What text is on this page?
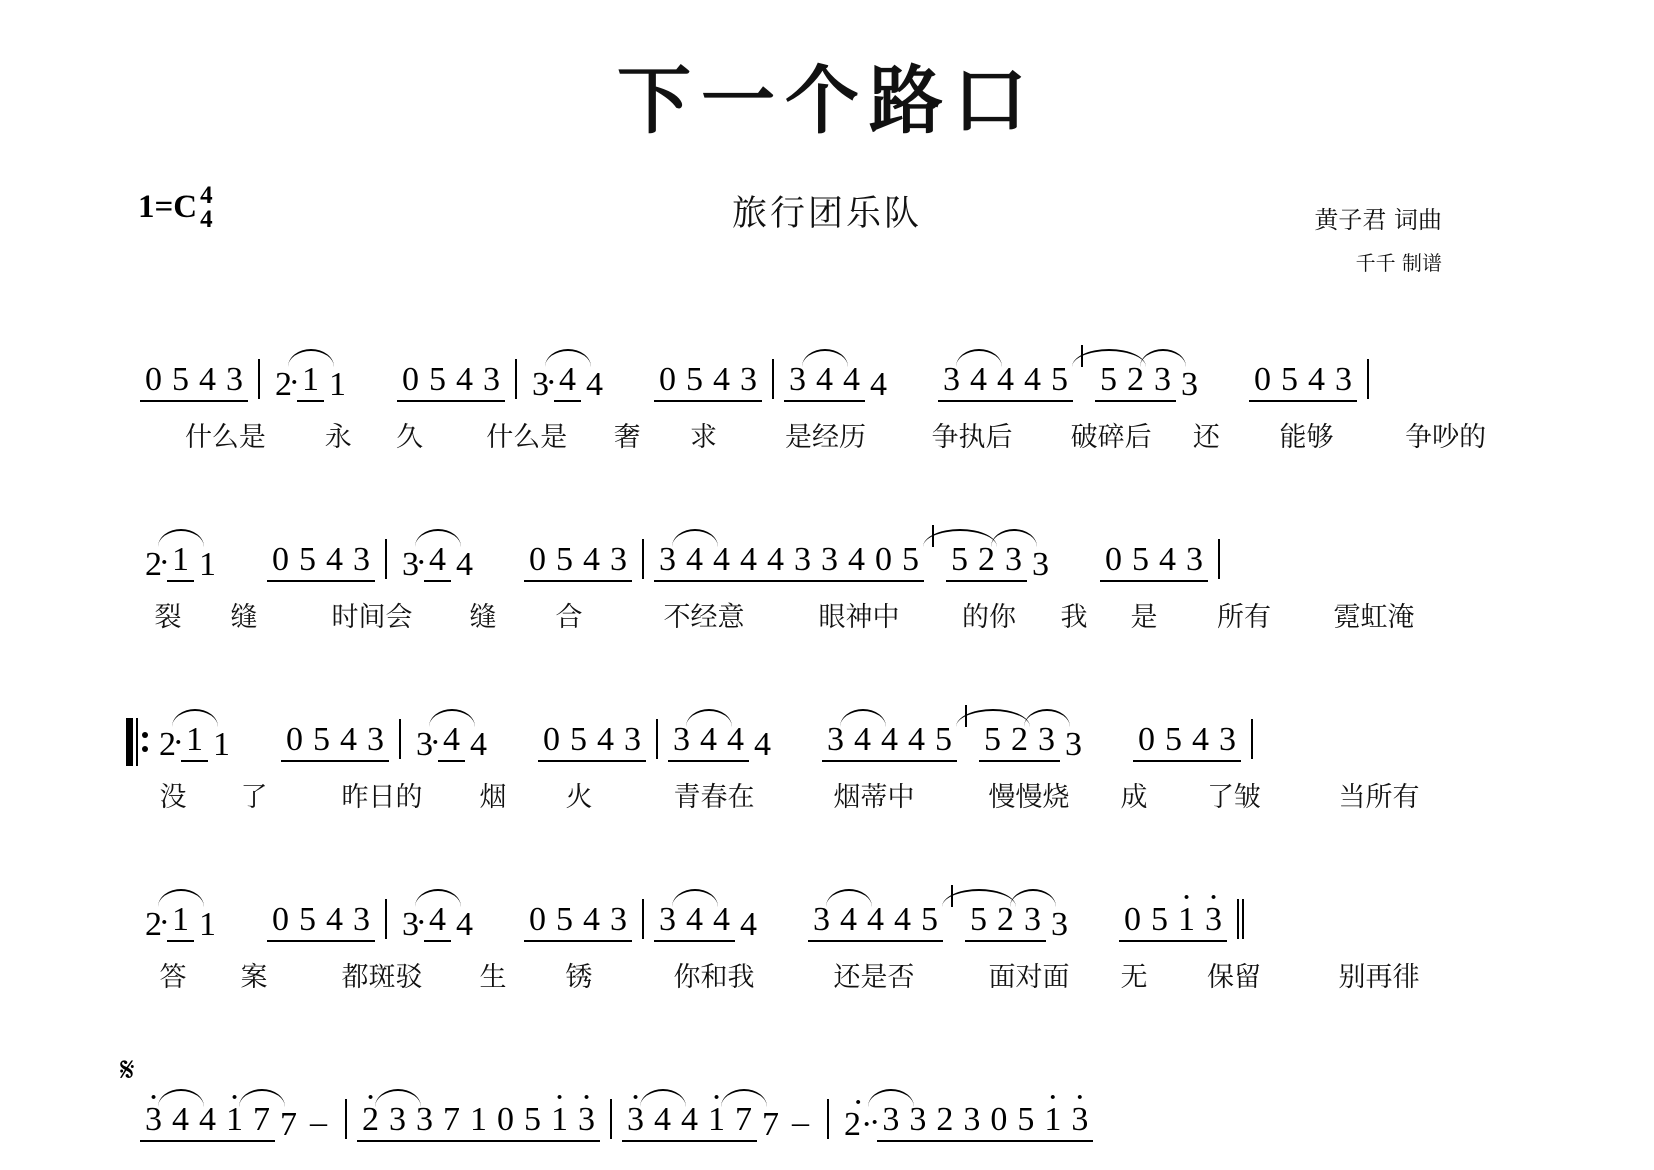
下一个路口
旅行团乐队
1=C 4
4	黄子君 词曲
千千 制谱
0 5 4 3 2 · 1 1 0 5 4 3 3 · 4 4 0 5 4 3 3 4 4 4 3 4 4 4 5 5 2 3 3 0 5 4 3
什么是	永	久	什么是	奢	求	是经历	争执后	破碎后	还	能够	争吵的
2 · 1 1 0 5 4 3 3 · 4 4 0 5 4 3 3 4 4 4 4 3 3 4 0 5 5 2 3 3 0 5 4 3
裂	缝	时间会	缝	合	不经意	眼神中	的你	我	是	所有	霓虹淹
2 · 1 1 0 5 4 3 3 · 4 4 0 5 4 3 3 4 4 4 3 4 4 4 5 5 2 3 3 0 5 4 3
没	了	昨日的	烟	火	青春在	烟蒂中	慢慢烧	成	了皱	当所有
2 · 1 1 0 5 4 3 3 · 4 4 0 5 4 3 3 4 4 4 3 4 4 4 5 5 2 3 3 0 5 · 1 · 3
答	案	都斑驳	生	锈	你和我	还是否	面对面	无	保留	别再徘
𝄋
· 3 4 4 · 1 7 7 – · 2 3 3 7 1 0 5 · 1 · 3 · 3 4 4 · 1 7 7 – · 2· · 3 3 2 3 0 5 · 1 · 3
